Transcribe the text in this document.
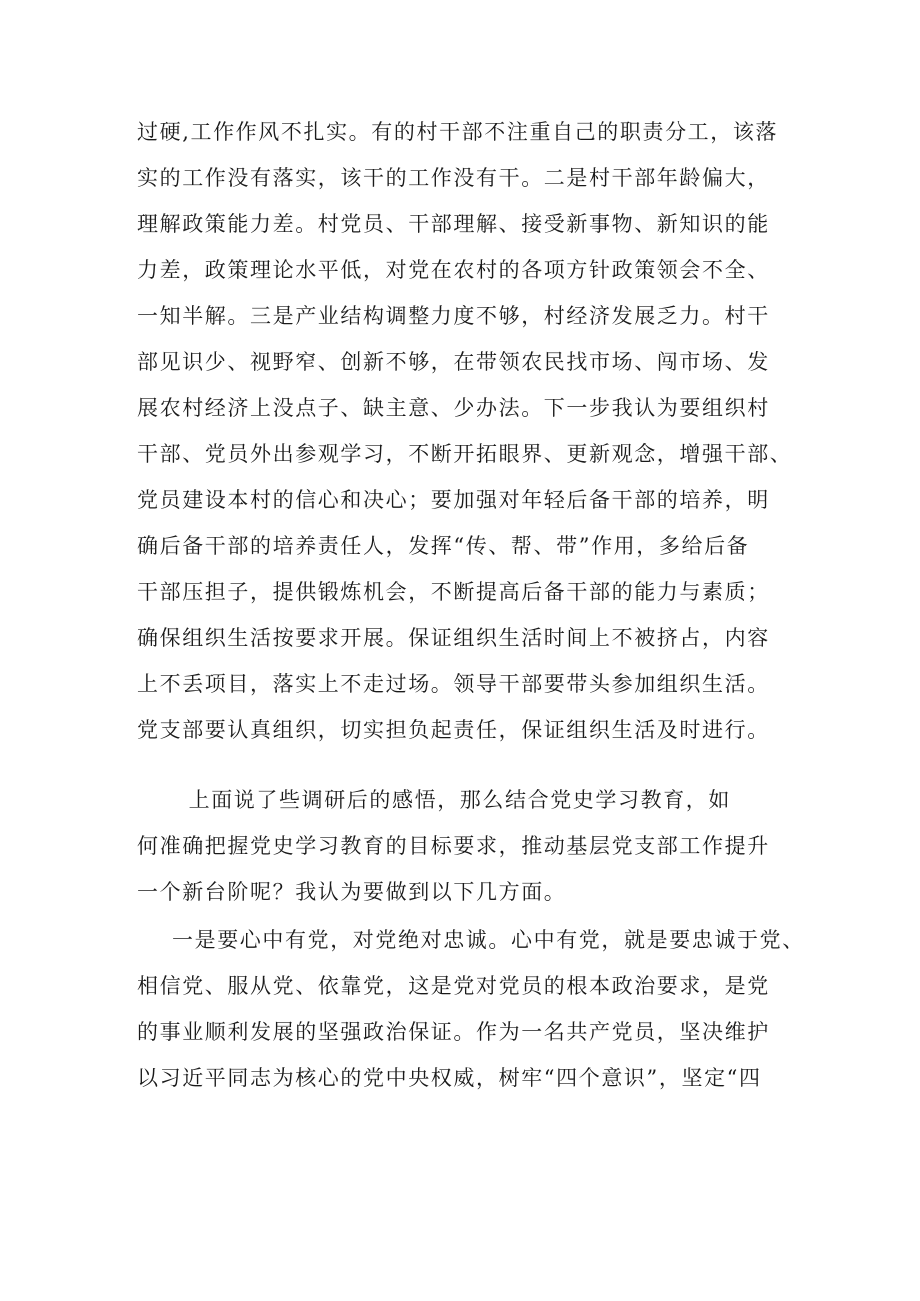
过硬,工作作风不扎实。有的村干部不注重自己的职责分工，该落
实的工作没有落实，该干的工作没有干。二是村干部年龄偏大，
理解政策能力差。村党员、干部理解、接受新事物、新知识的能
力差，政策理论水平低，对党在农村的各项方针政策领会不全、
一知半解。三是产业结构调整力度不够，村经济发展乏力。村干
部见识少、视野窄、创新不够，在带领农民找市场、闯市场、发
展农村经济上没点子、缺主意、少办法。下一步我认为要组织村
干部、党员外出参观学习，不断开拓眼界、更新观念，增强干部、
党员建设本村的信心和决心；要加强对年轻后备干部的培养，明
确后备干部的培养责任人，发挥“传、帮、带”作用，多给后备
干部压担子，提供锻炼机会，不断提高后备干部的能力与素质；
确保组织生活按要求开展。保证组织生活时间上不被挤占，内容
上不丢项目，落实上不走过场。领导干部要带头参加组织生活。
党支部要认真组织，切实担负起责任，保证组织生活及时进行。
　上面说了些调研后的感悟，那么结合党史学习教育，如
何准确把握党史学习教育的目标要求，推动基层党支部工作提升
一个新台阶呢？我认为要做到以下几方面。
一是要心中有党，对党绝对忠诚。心中有党，就是要忠诚于党、
相信党、服从党、依靠党，这是党对党员的根本政治要求，是党
的事业顺利发展的坚强政治保证。作为一名共产党员，坚决维护
以习近平同志为核心的党中央权威，树牢“四个意识”，坚定“四
